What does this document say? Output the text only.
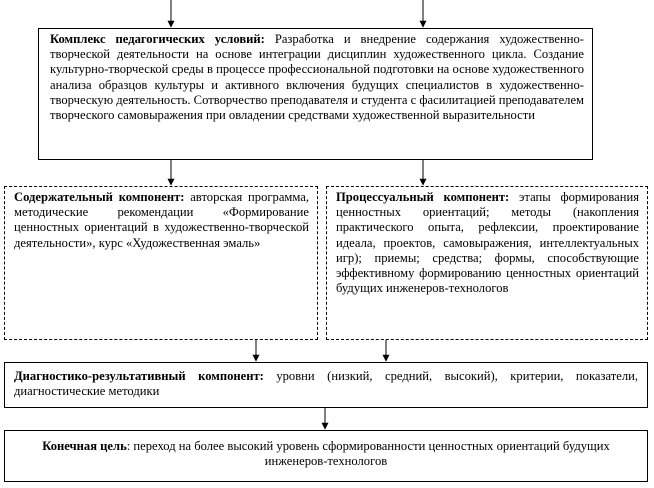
Комплекс педагогических условий: Разработка и внедрение содержания художественно-творческой деятельности на основе интеграции дисциплин художественного цикла. Создание культурно-творческой среды в процессе профессиональной подготовки на основе художественного анализа образцов культуры и активного включения будущих специалистов в художественно-творческую деятельность. Сотворчество преподавателя и студента с фасилитацией преподавателем творческого самовыражения при овладении средствами художественной выразительности
Содержательный компонент: авторская программа, методические рекомендации «Формирование ценностных ориентаций в художественно-творческой деятельности», курс «Художественная эмаль»
Процессуальный компонент: этапы формирования ценностных ориентаций; методы (накопления практического опыта, рефлексии, проектирование идеала, проектов, самовыражения, интеллектуальных игр); приемы; средства; формы, способствующие эффективному формированию ценностных ориентаций будущих инженеров-технологов
Диагностико-результативный компонент: уровни (низкий, средний, высокий), критерии, показатели, диагностические методики
Конечная цель: переход на более высокий уровень сформированности ценностных ориентаций будущих инженеров-технологов
